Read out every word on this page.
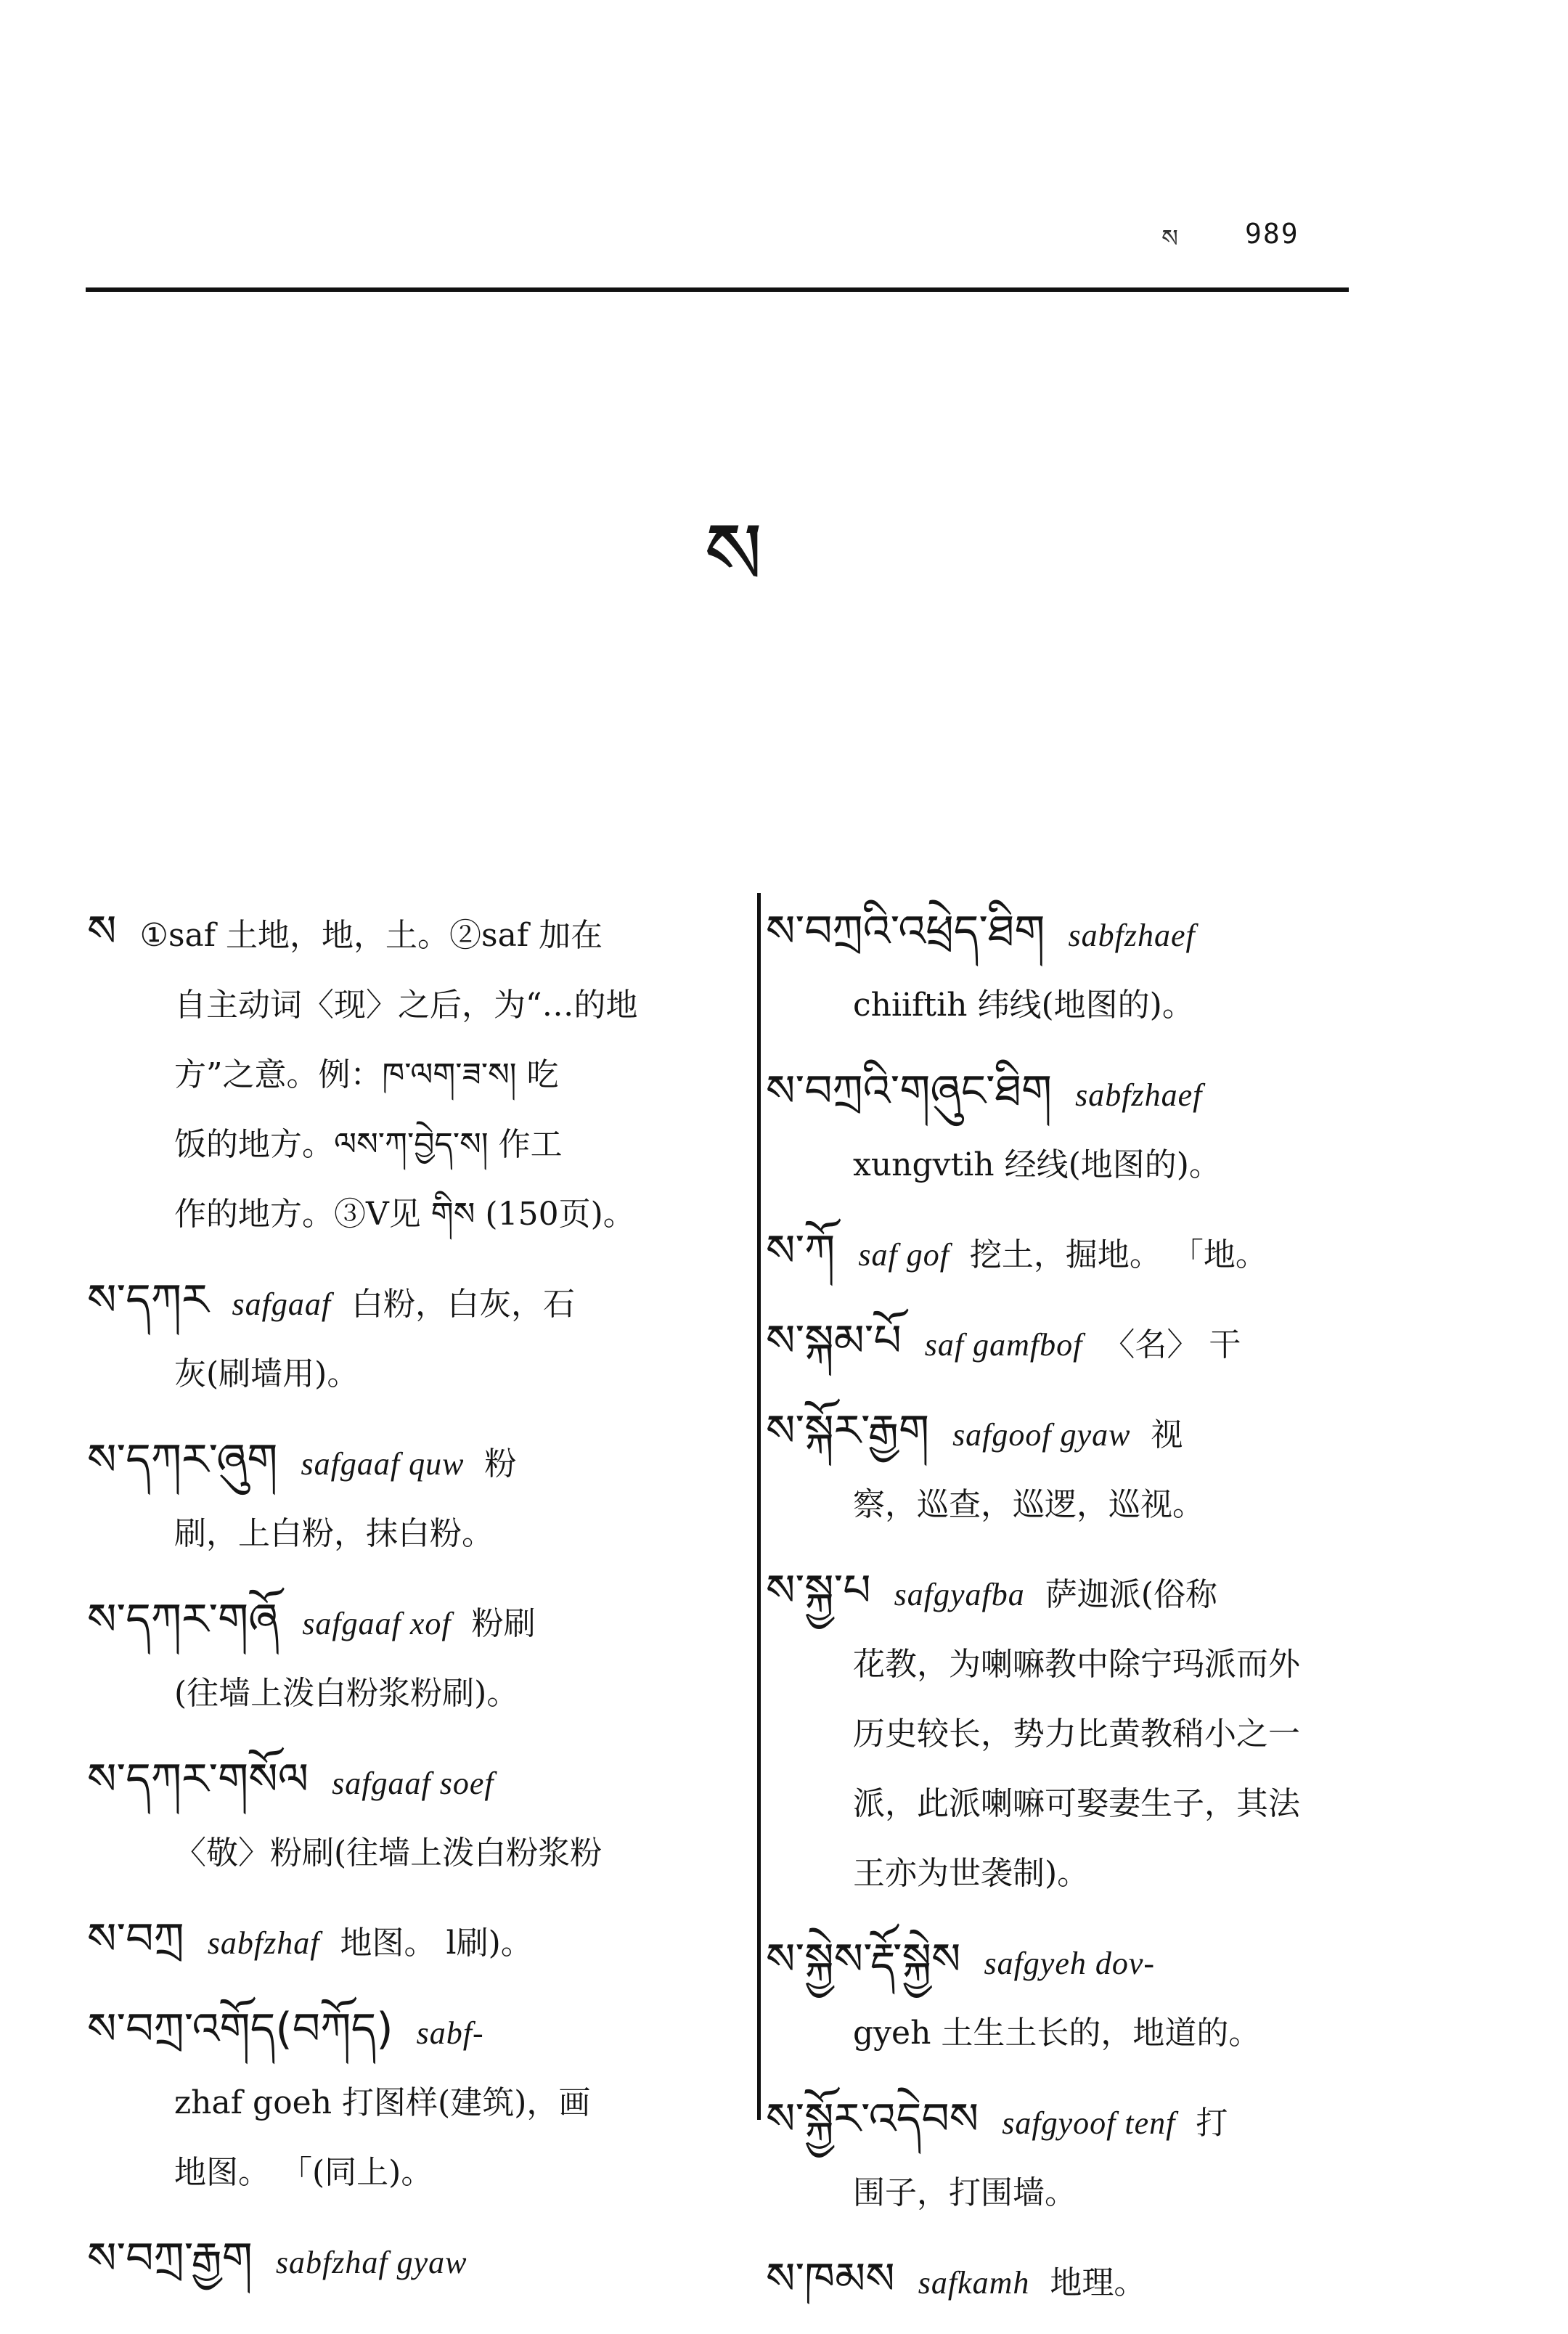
ས 989
ས
ས ①saf 土地，地，土。②saf 加在
自主动词〈现〉之后，为“…的地
方”之意。例：ཁ་ལག་ཟ་ས། 吃
饭的地方。ལས་ཀ་བྱེད་ས། 作工
作的地方。③V见 གིས (150页)。
ས་དཀར safgaaf 白粉，白灰，石
灰(刷墙用)。
ས་དཀར་ཞུག safgaaf quw 粉
刷，上白粉，抹白粉。
ས་དཀར་གཞོ safgaaf xof 粉刷
(往墙上泼白粉浆粉刷)。
ས་དཀར་གསོལ safgaaf soef
〈敬〉粉刷(往墙上泼白粉浆粉
ས་བཀྲ sabfzhaf 地图。 l刷)。
ས་བཀྲ་འགོད(བཀོད) sabf-
zhaf goeh 打图样(建筑)，画
地图。 「(同上)。
ས་བཀྲ་རྒྱག sabfzhaf gyaw
ས་བཀྲའི་འཕྲེད་ཐིག sabfzhaef
chiiftih 纬线(地图的)。
ས་བཀྲའི་གཞུང་ཐིག sabfzhaef
xungvtih 经线(地图的)。
ས་ཀོ saf gof 挖土，掘地。 「地。
ས་སྐམ་པོ saf gamfbof 〈名〉 干
ས་སྐོར་རྒྱག safgoof gyaw 视
察，巡查，巡逻，巡视。
ས་སྐྱ་པ safgyafba 萨迦派(俗称
花教，为喇嘛教中除宁玛派而外
历史较长，势力比黄教稍小之一
派，此派喇嘛可娶妻生子，其法
王亦为世袭制)。
ས་སྐྱེས་རྡོ་སྐྱེས safgyeh dov-
gyeh 土生土长的，地道的。
ས་སྐྱོར་འདེབས safgyoof tenf 打
围子，打围墙。
ས་ཁམས safkamh 地理。
